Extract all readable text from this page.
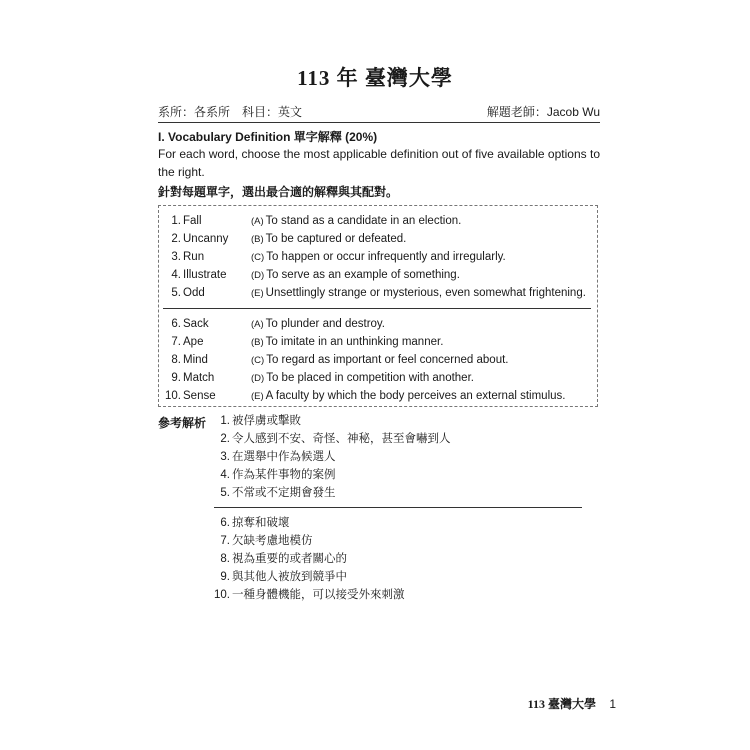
113 年 臺灣大學
系所：各系所　科目：英文	解題老師：Jacob Wu
I. Vocabulary Definition 單字解釋 (20%)
For each word, choose the most applicable definition out of five available options to the right.
針對每題單字，選出最合適的解釋與其配對。
1. Fall	(A) To stand as a candidate in an election.
2. Uncanny (B) To be captured or defeated.
3. Run	(C) To happen or occur infrequently and irregularly.
4. Illustrate	(D) To serve as an example of something.
5. Odd	(E) Unsettlingly strange or mysterious, even somewhat frightening.
6. Sack	(A) To plunder and destroy.
7. Ape	(B) To imitate in an unthinking manner.
8. Mind	(C) To regard as important or feel concerned about.
9. Match	(D) To be placed in competition with another.
10. Sense	(E) A faculty by which the body perceives an external stimulus.
參考解析	1. 被俘虜或擊敗
2. 令人感到不安、奇怪、神秘，甚至會嚇到人
3. 在選舉中作為候選人
4. 作為某件事物的案例
5. 不常或不定期會發生
6. 掠奪和破壞
7. 欠缺考慮地模仿
8. 視為重要的或者關心的
9. 與其他人被放到競爭中
10. 一種身體機能，可以接受外來刺激
113 臺灣大學 1
